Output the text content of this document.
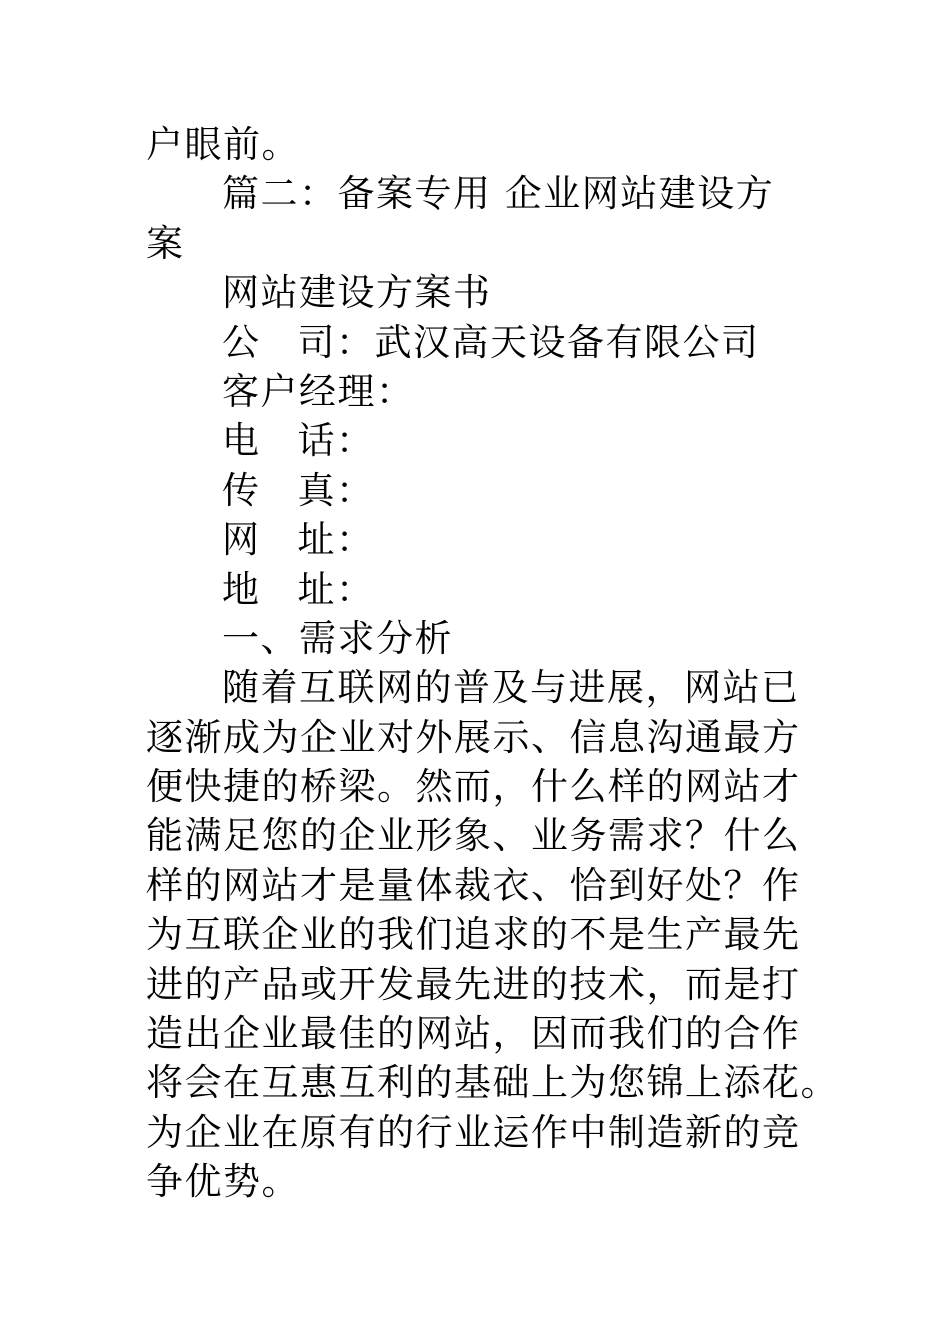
户眼前。
篇二：备案专用 企业网站建设方
案
网站建设方案书
公 司：武汉高天设备有限公司
客户经理：
电 话：
传 真：
网 址：
地 址：
一、需求分析
随着互联网的普及与进展，网站已
逐渐成为企业对外展示、信息沟通最方
便快捷的桥梁。然而，什么样的网站才
能满足您的企业形象、业务需求？什么
样的网站才是量体裁衣、恰到好处？作
为互联企业的我们追求的不是生产最先
进的产品或开发最先进的技术，而是打
造出企业最佳的网站，因而我们的合作
将会在互惠互利的基础上为您锦上添花。
为企业在原有的行业运作中制造新的竞
争优势。
